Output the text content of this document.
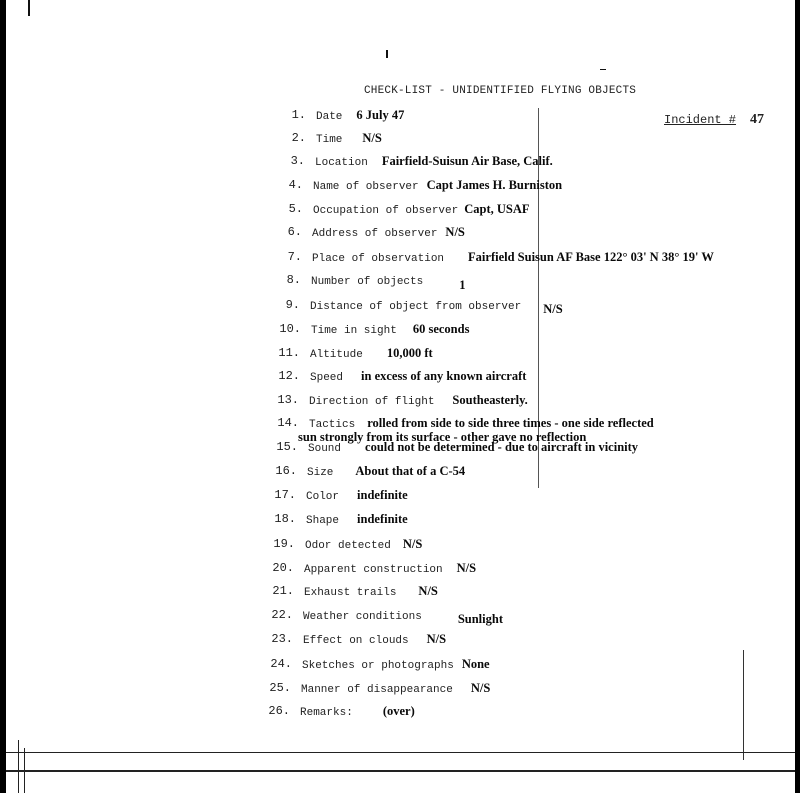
CHECK-LIST - UNIDENTIFIED FLYING OBJECTS
Incident # 47
1. Date 6 July 47
2. Time N/S
3. Location Fairfield-Suisun Air Base, Calif.
4. Name of observer Capt James H. Burniston
5. Occupation of observer Capt, USAF
6. Address of observer N/S
7. Place of observation Fairfield Suisun AF Base 122° 03' N 38° 19' W
8. Number of objects	1
9. Distance of object from observer N/S
10. Time in sight 60 seconds
11. Altitude 10,000 ft
12. Speed in excess of any known aircraft
13. Direction of flight Southeasterly.
14. Tactics rolled from side to side three times - one side reflected
sun strongly from its surface - other gave no reflection
15. Sound could not be determined - due to aircraft in vicinity
16. Size About that of a C-54
17. Color indefinite
18. Shape indefinite
19. Odor detected N/S
20. Apparent construction N/S
21. Exhaust trails N/S
22. Weather conditions	Sunlight
23. Effect on clouds N/S
24. Sketches or photographs None
25. Manner of disappearance N/S
26. Remarks: (over)
